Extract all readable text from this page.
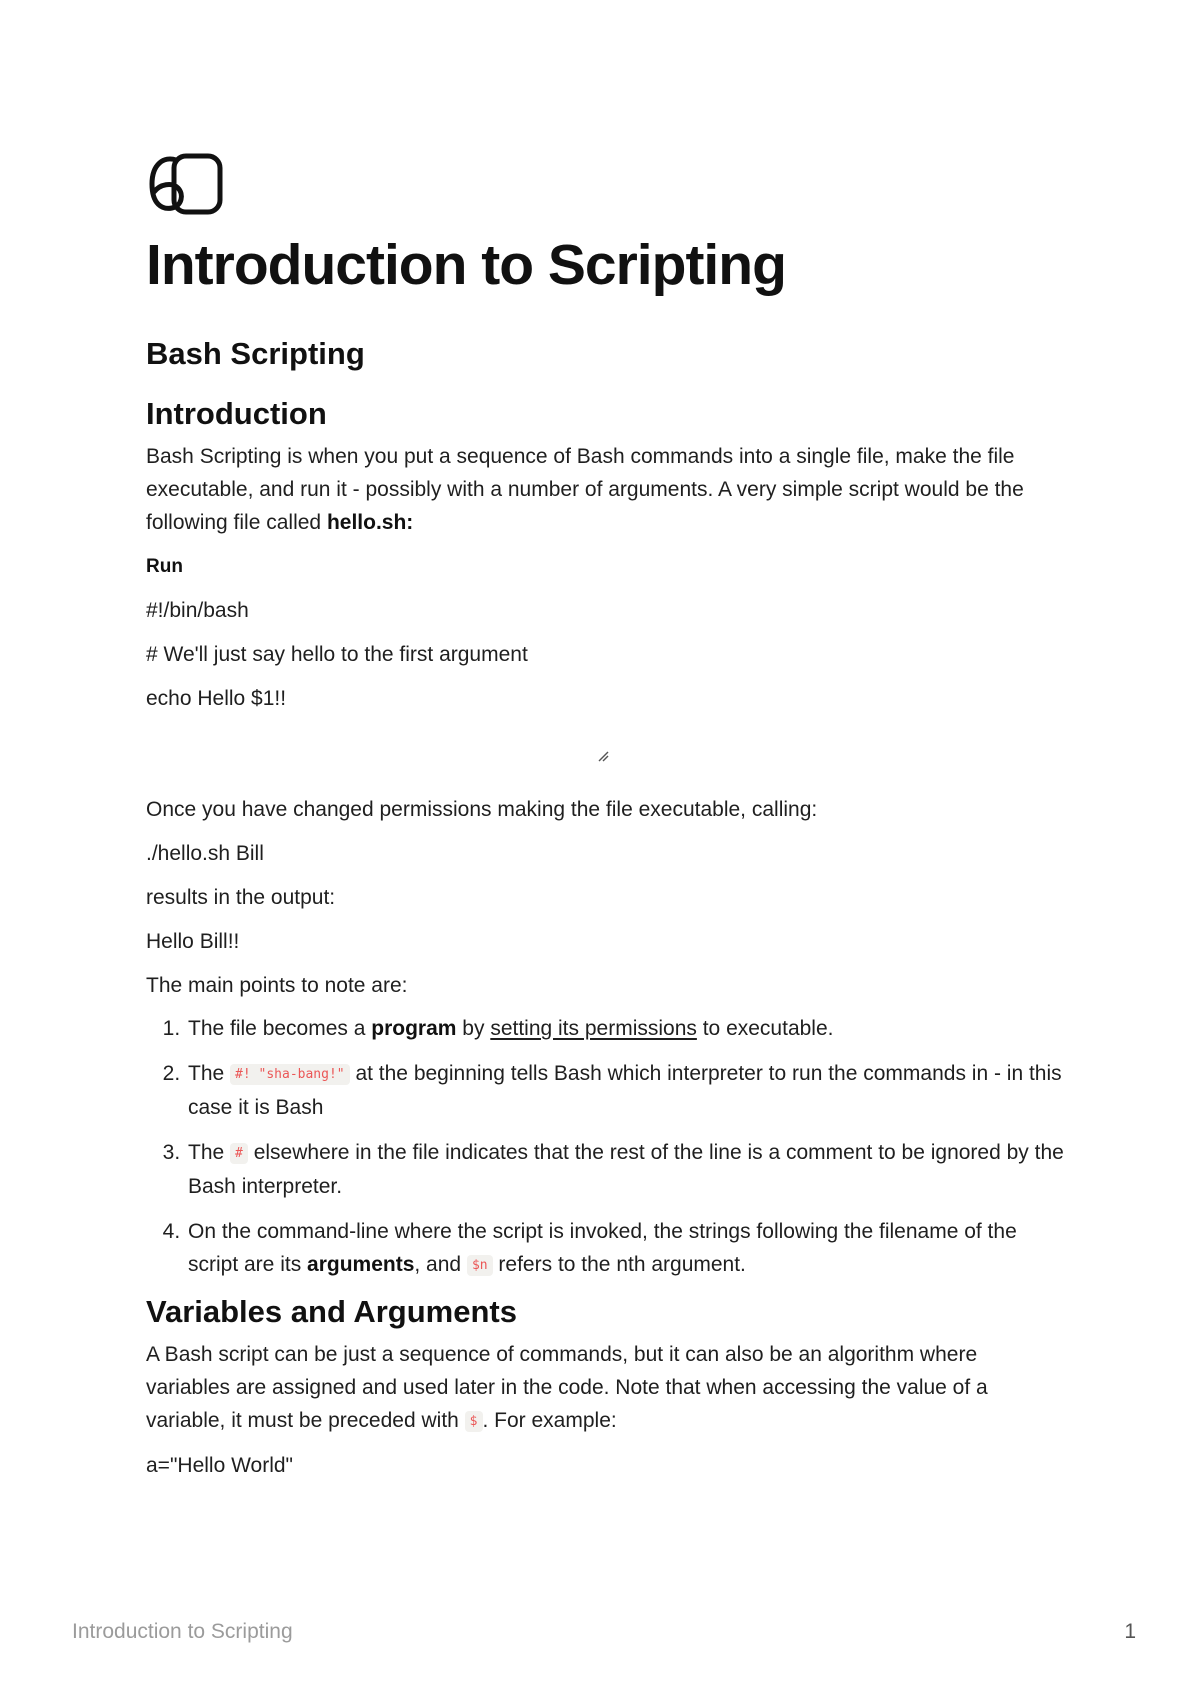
Introduction to Scripting
Bash Scripting
Introduction

Bash Scripting is when you put a sequence of Bash commands into a single file, make the file executable, and run it - possibly with a number of arguments. A very simple script would be the following file called hello.sh:

Run

#!/bin/bash

# We'll just say hello to the first argument

echo Hello $1!!

Once you have changed permissions making the file executable, calling:

./hello.sh Bill

results in the output:

Hello Bill!!

The main points to note are:

1. The file becomes a program by setting its permissions to executable.
2. The #! "sha-bang!" at the beginning tells Bash which interpreter to run the commands in - in this case it is Bash
3. The # elsewhere in the file indicates that the rest of the line is a comment to be ignored by the Bash interpreter.
4. On the command-line where the script is invoked, the strings following the filename of the script are its arguments, and $n refers to the nth argument.
Variables and Arguments

A Bash script can be just a sequence of commands, but it can also be an algorithm where variables are assigned and used later in the code. Note that when accessing the value of a variable, it must be preceded with $ . For example:

a="Hello World"

Introduction to Scripting	1
